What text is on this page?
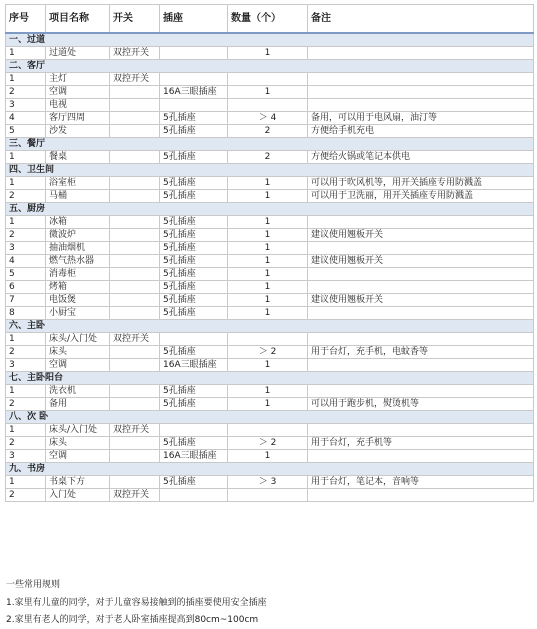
序号	项目名称	开关	插座	数量（个）	备注
一、过道					
1	过道处	双控开关		1	
二、客厅					
1	主灯	双控开关			
2	空调		16A三眼插座	1	
3	电视				
4	客厅四周		5孔插座	＞ 4	备用，可以用于电风扇，油汀等
5	沙发		5孔插座	2	方便给手机充电
三、餐厅					
1	餐桌		5孔插座	2	方便给火锅或笔记本供电
四、卫生间					
1	浴室柜		5孔插座	1	可以用于吹风机等，用开关插座专用防溅盖
2	马桶		5孔插座	1	可以用于卫洗丽，用开关插座专用防溅盖
五、厨房					
1	冰箱		5孔插座	1	
2	微波炉		5孔插座	1	建议使用翘板开关
3	抽油烟机		5孔插座	1	
4	燃气热水器		5孔插座	1	建议使用翘板开关
5	消毒柜		5孔插座	1	
6	烤箱		5孔插座	1	
7	电饭煲		5孔插座	1	建议使用翘板开关
8	小厨宝		5孔插座	1	
六、主卧					
1	床头/入门处	双控开关			
2	床头		5孔插座	＞ 2	用于台灯，充手机，电蚊香等
3	空调		16A三眼插座	1	
七、主卧阳台					
1	洗衣机		5孔插座	1	
2	备用		5孔插座	1	可以用于跑步机，熨烫机等
八、次 卧					
1	床头/入门处	双控开关			
2	床头		5孔插座	＞ 2	用于台灯，充手机等
3	空调		16A三眼插座	1	
九、书房					
1	书桌下方		5孔插座	＞ 3	用于台灯，笔记本，音响等
2	入门处	双控开关			
一些常用规则
1.家里有儿童的同学，对于儿童容易接触到的插座要使用安全插座
2.家里有老人的同学，对于老人卧室插座提高到80cm~100cm
